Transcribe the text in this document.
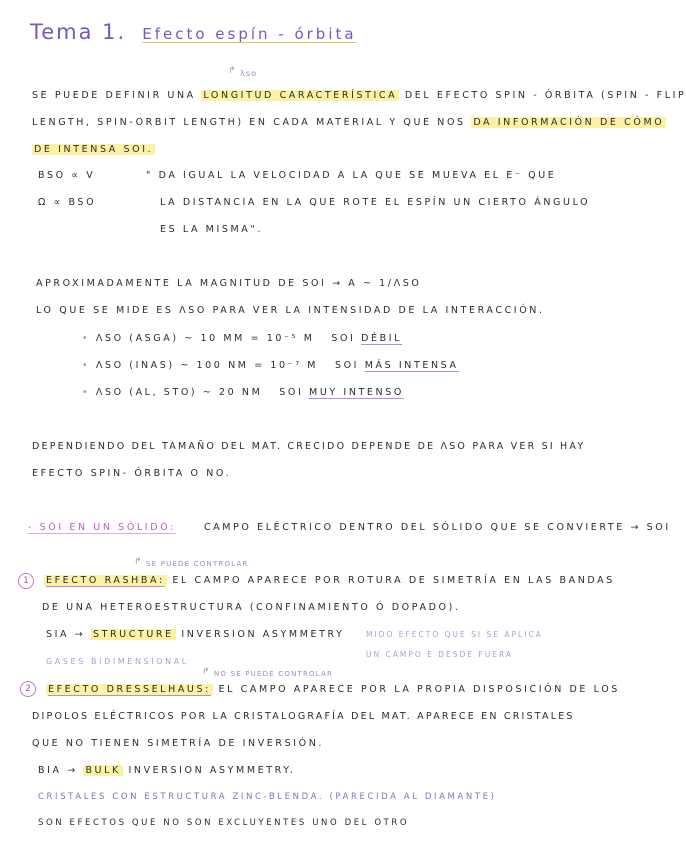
Tema 1. Efecto espín - órbita
↱ λso
SE PUEDE DEFINIR UNA LONGITUD CARACTERÍSTICA DEL EFECTO SPIN - ÓRBITA (SPIN - FLIP
LENGTH, SPIN-ORBIT LENGTH) EN CADA MATERIAL Y QUE NOS DA INFORMACIÓN DE CÓMO
DE INTENSA SOI.
BSO ∝ V	" DA IGUAL LA VELOCIDAD A LA QUE SE MUEVA EL E⁻ QUE
Ω ∝ BSO	LA DISTANCIA EN LA QUE ROTE EL ESPÍN UN CIERTO ÁNGULO
ES LA MISMA".
APROXIMADAMENTE LA MAGNITUD DE SOI → Α ~ 1/ΛSO
LO QUE SE MIDE ES ΛSO PARA VER LA INTENSIDAD DE LA INTERACCIÓN.
• ΛSO (ASGA) ~ 10 ΜM = 10⁻⁵ M SOI DÉBIL
• ΛSO (INAS) ~ 100 NM = 10⁻⁷ M SOI MÁS INTENSA
• ΛSO (AL, STO) ~ 20 NM SOI MUY INTENSO
DEPENDIENDO DEL TAMAÑO DEL MAT. CRECIDO DEPENDE DE ΛSO PARA VER SI HAY
EFECTO SPIN- ÓRBITA O NO.
- SOI EN UN SÓLIDO:	CAMPO ELÉCTRICO DENTRO DEL SÓLIDO QUE SE CONVIERTE → SOI
↱ SE PUEDE CONTROLAR
1	EFECTO RASHBA: EL CAMPO APARECE POR ROTURA DE SIMETRÍA EN LAS BANDAS
DE UNA HETEROESTRUCTURA (CONFINAMIENTO Ó DOPADO).
SIA → STRUCTURE INVERSION ASYMMETRY	MIDO EFECTO QUE SI SE APLICA
UN CAMPO E DESDE FUERA
GASES BIDIMENSIONAL
↱ NO SE PUEDE CONTROLAR
2	EFECTO DRESSELHAUS: EL CAMPO APARECE POR LA PROPIA DISPOSICIÓN DE LOS
DIPOLOS ELÉCTRICOS POR LA CRISTALOGRAFÍA DEL MAT. APARECE EN CRISTALES
QUE NO TIENEN SIMETRÍA DE INVERSIÓN.
BIA → BULK INVERSION ASYMMETRY.
CRISTALES CON ESTRUCTURA ZINC-BLENDA. (PARECIDA AL DIAMANTE)
SON EFECTOS QUE NO SON EXCLUYENTES UNO DEL OTRO
